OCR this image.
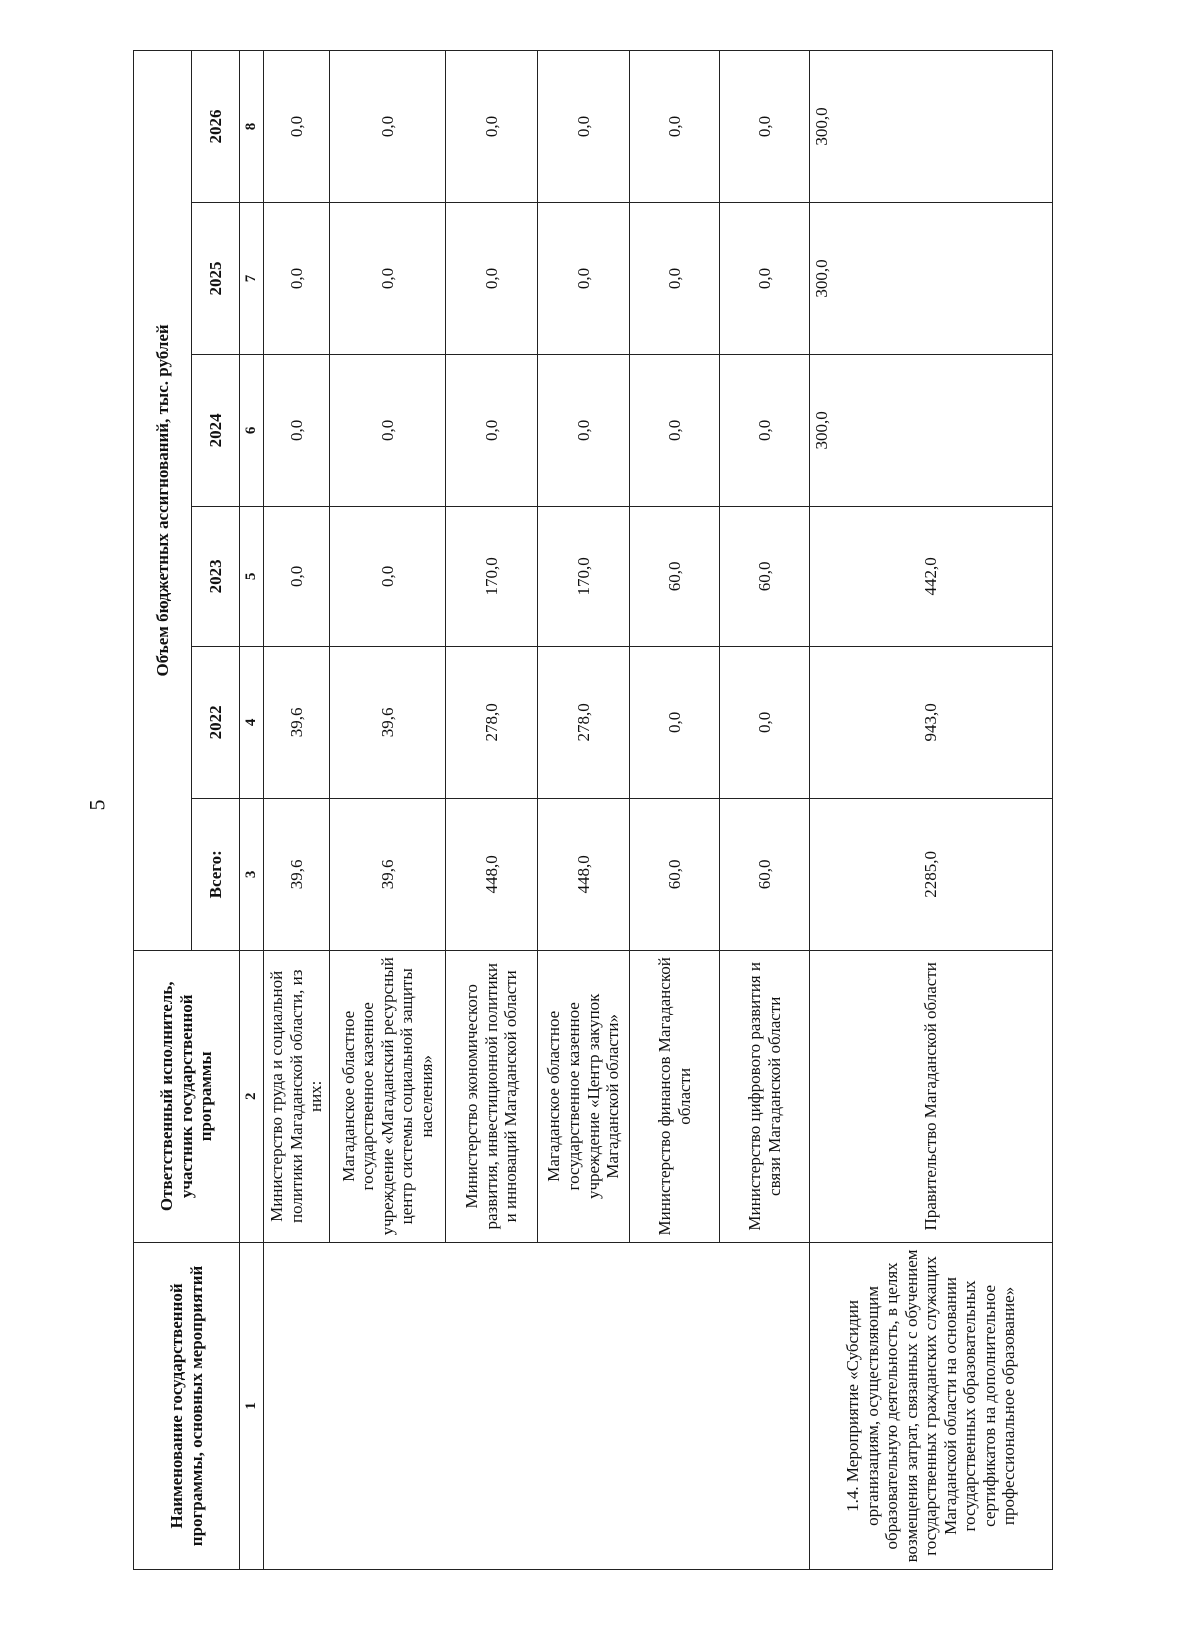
5
Наименование государственной программы, основных мероприятий	Ответственный исполнитель, участник государственной программы	Объем бюджетных ассигнований, тыс. рублей					
		Всего:	2022	2023	2024	2025	2026
1	2	3	4	5	6	7	8
	Министерство труда и социальной политики Магаданской области, из них:	39,6	39,6	0,0	0,0	0,0	0,0
	Магаданское областное государственное казенное учреждение «Магаданский ресурсный центр системы социальной защиты населения»	39,6	39,6	0,0	0,0	0,0	0,0
	Министерство экономического развития, инвестиционной политики и инноваций Магаданской области	448,0	278,0	170,0	0,0	0,0	0,0
	Магаданское областное государственное казенное учреждение «Центр закупок Магаданской области»	448,0	278,0	170,0	0,0	0,0	0,0
	Министерство финансов Магаданской области	60,0	0,0	60,0	0,0	0,0	0,0
	Министерство цифрового развития и связи Магаданской области	60,0	0,0	60,0	0,0	0,0	0,0
1.4. Мероприятие «Субсидии организациям, осуществляющим образовательную деятельность, в целях возмещения затрат, связанных с обучением государственных гражданских служащих Магаданской области на основании государственных образовательных сертификатов на дополнительное профессиональное образование»	Правительство Магаданской области	2285,0	943,0	442,0	300,0	300,0	300,0
